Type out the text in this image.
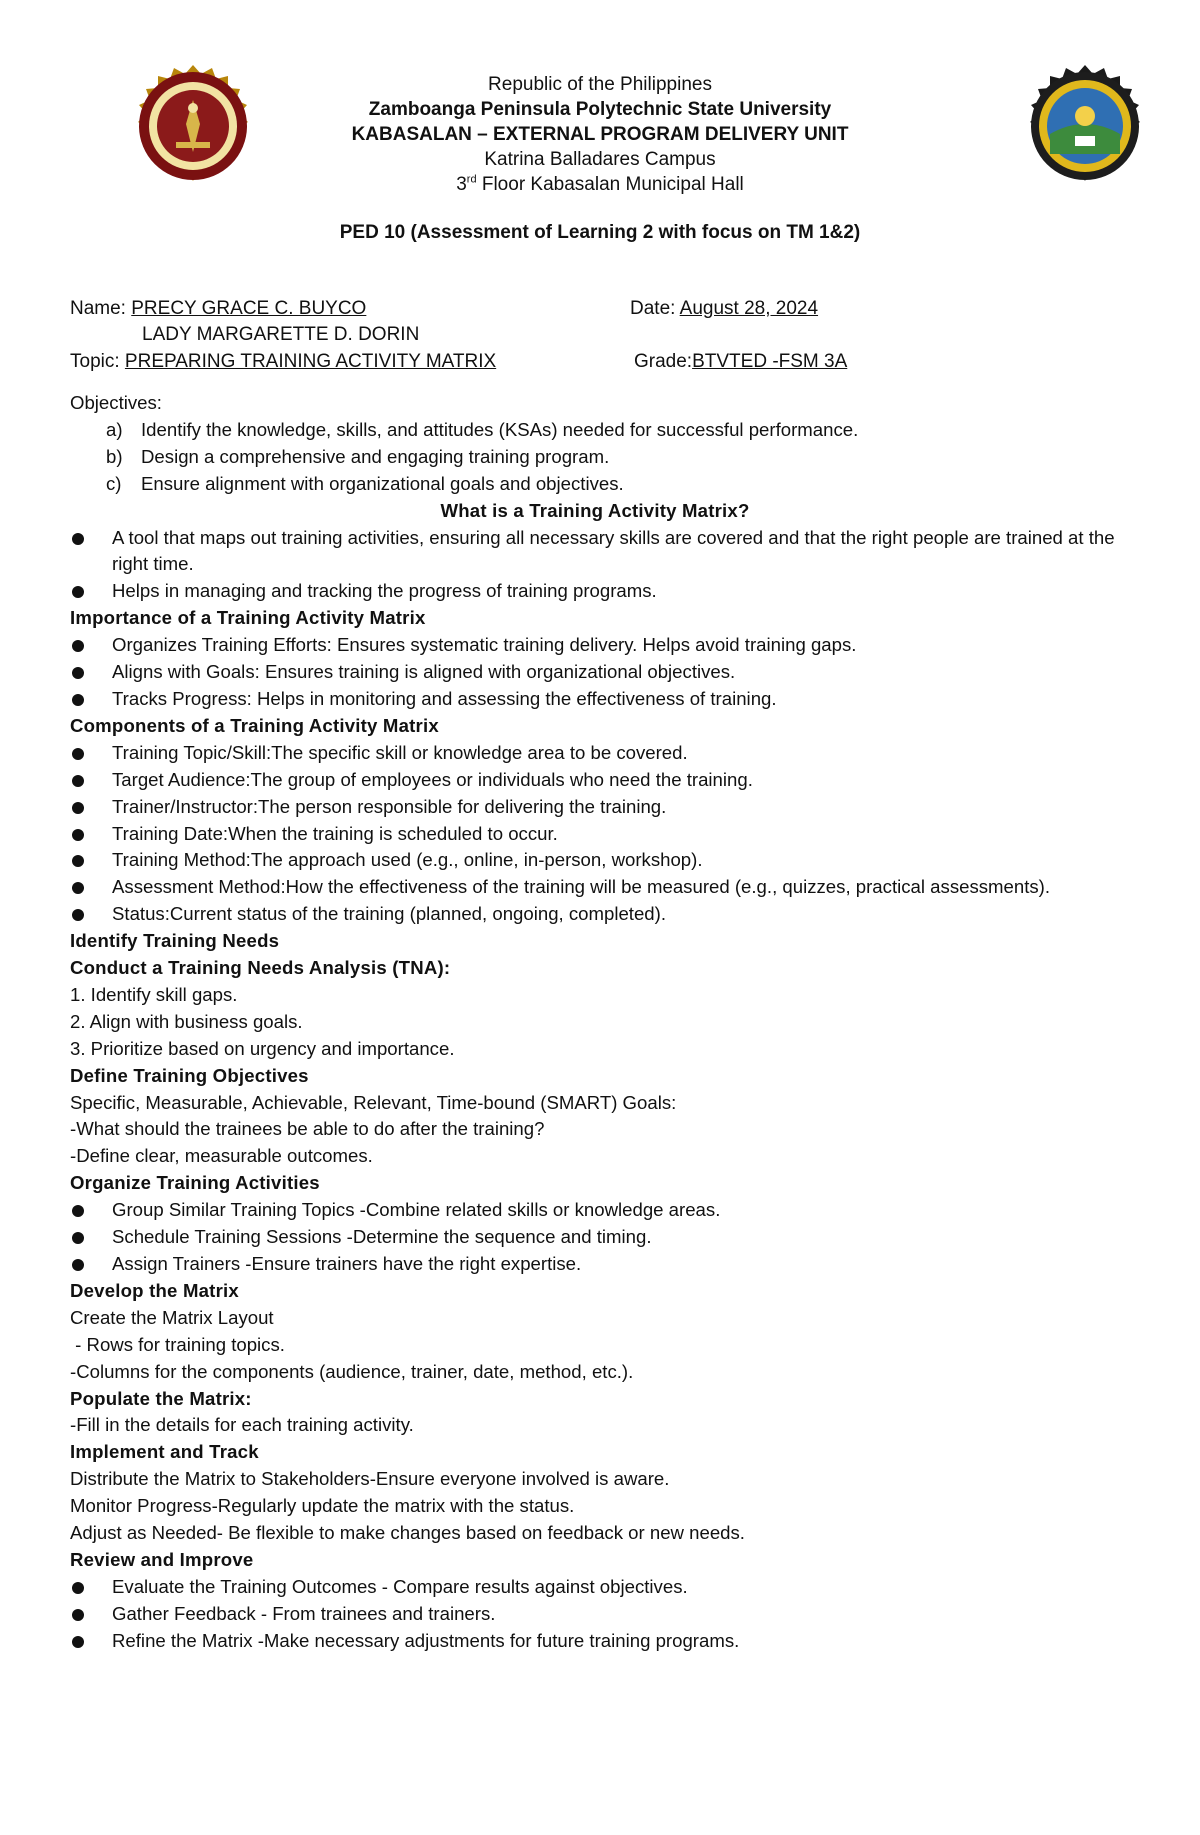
Republic of the Philippines
Zamboanga Peninsula Polytechnic State University
KABASALAN – EXTERNAL PROGRAM DELIVERY UNIT
Katrina Balladares Campus
3rd Floor Kabasalan Municipal Hall
PED 10 (Assessment of Learning 2 with focus on TM 1&2)
Name: PRECY GRACE C. BUYCO
LADY MARGARETTE D. DORIN
Date: August 28, 2024
Topic: PREPARING TRAINING ACTIVITY MATRIX	Grade:BTVTED -FSM 3A
Objectives:
a) Identify the knowledge, skills, and attitudes (KSAs) needed for successful performance.
b) Design a comprehensive and engaging training program.
c) Ensure alignment with organizational goals and objectives.
What is a Training Activity Matrix?
A tool that maps out training activities, ensuring all necessary skills are covered and that the right people are trained at the right time.
Helps in managing and tracking the progress of training programs.
Importance of a Training Activity Matrix
Organizes Training Efforts: Ensures systematic training delivery. Helps avoid training gaps.
Aligns with Goals: Ensures training is aligned with organizational objectives.
Tracks Progress: Helps in monitoring and assessing the effectiveness of training.
Components of a Training Activity Matrix
Training Topic/Skill:The specific skill or knowledge area to be covered.
Target Audience:The group of employees or individuals who need the training.
Trainer/Instructor:The person responsible for delivering the training.
Training Date:When the training is scheduled to occur.
Training Method:The approach used (e.g., online, in-person, workshop).
Assessment Method:How the effectiveness of the training will be measured (e.g., quizzes, practical assessments).
Status:Current status of the training (planned, ongoing, completed).
Identify Training Needs
Conduct a Training Needs Analysis (TNA):
1. Identify skill gaps.
2. Align with business goals.
3. Prioritize based on urgency and importance.
Define Training Objectives
Specific, Measurable, Achievable, Relevant, Time-bound (SMART) Goals:
-What should the trainees be able to do after the training?
-Define clear, measurable outcomes.
Organize Training Activities
Group Similar Training Topics -Combine related skills or knowledge areas.
Schedule Training Sessions -Determine the sequence and timing.
Assign Trainers -Ensure trainers have the right expertise.
Develop the Matrix
Create the Matrix Layout
- Rows for training topics.
-Columns for the components (audience, trainer, date, method, etc.).
Populate the Matrix:
-Fill in the details for each training activity.
Implement and Track
Distribute the Matrix to Stakeholders-Ensure everyone involved is aware.
Monitor Progress-Regularly update the matrix with the status.
Adjust as Needed- Be flexible to make changes based on feedback or new needs.
Review and Improve
Evaluate the Training Outcomes - Compare results against objectives.
Gather Feedback - From trainees and trainers.
Refine the Matrix -Make necessary adjustments for future training programs.
